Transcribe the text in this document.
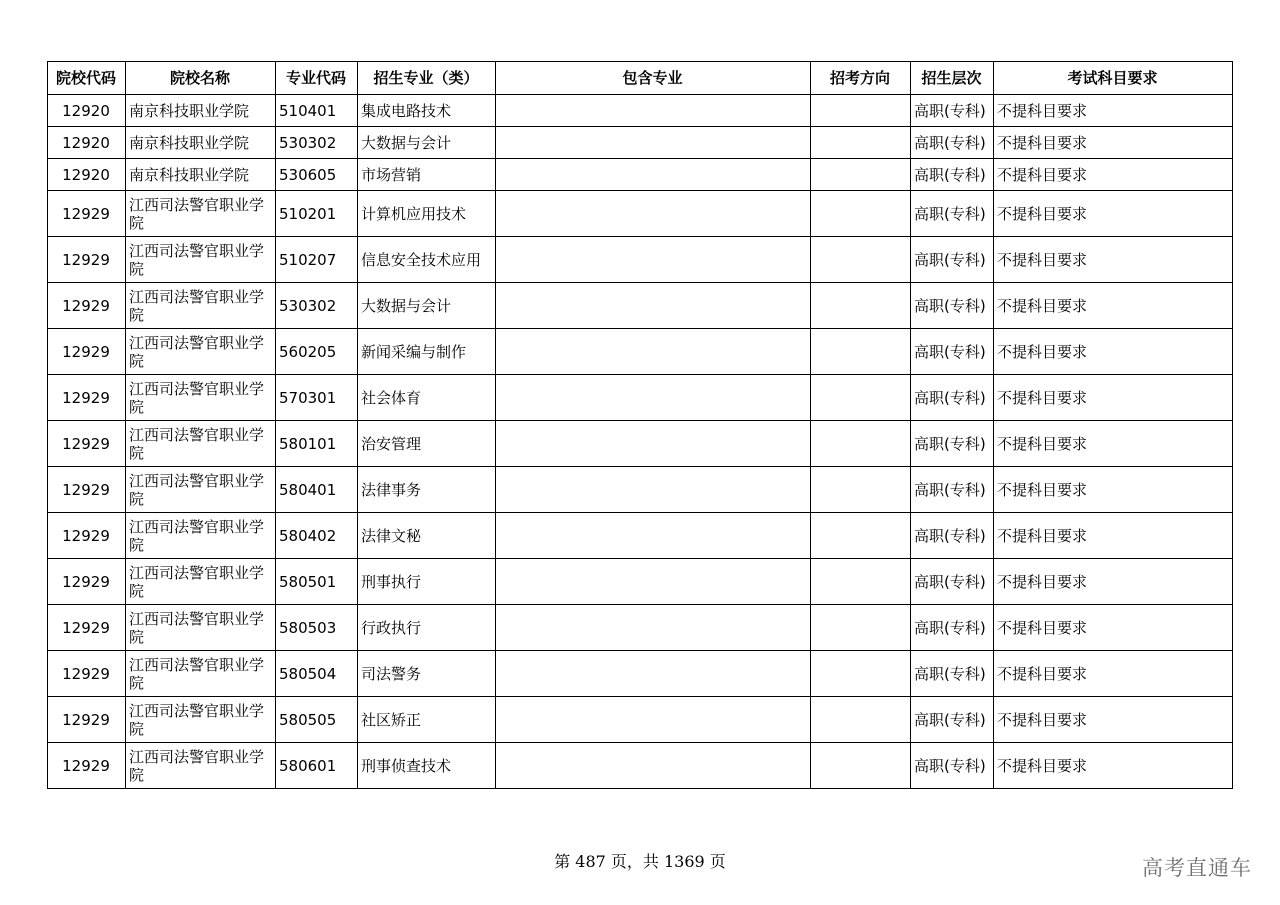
院校代码	院校名称	专业代码	招生专业（类）	包含专业	招考方向	招生层次	考试科目要求
12920	南京科技职业学院	510401	集成电路技术			高职(专科)	不提科目要求
12920	南京科技职业学院	530302	大数据与会计			高职(专科)	不提科目要求
12920	南京科技职业学院	530605	市场营销			高职(专科)	不提科目要求
12929	江西司法警官职业学院	510201	计算机应用技术			高职(专科)	不提科目要求
12929	江西司法警官职业学院	510207	信息安全技术应用			高职(专科)	不提科目要求
12929	江西司法警官职业学院	530302	大数据与会计			高职(专科)	不提科目要求
12929	江西司法警官职业学院	560205	新闻采编与制作			高职(专科)	不提科目要求
12929	江西司法警官职业学院	570301	社会体育			高职(专科)	不提科目要求
12929	江西司法警官职业学院	580101	治安管理			高职(专科)	不提科目要求
12929	江西司法警官职业学院	580401	法律事务			高职(专科)	不提科目要求
12929	江西司法警官职业学院	580402	法律文秘			高职(专科)	不提科目要求
12929	江西司法警官职业学院	580501	刑事执行			高职(专科)	不提科目要求
12929	江西司法警官职业学院	580503	行政执行			高职(专科)	不提科目要求
12929	江西司法警官职业学院	580504	司法警务			高职(专科)	不提科目要求
12929	江西司法警官职业学院	580505	社区矫正			高职(专科)	不提科目要求
12929	江西司法警官职业学院	580601	刑事侦查技术			高职(专科)	不提科目要求
第 487 页，共 1369 页	高考直通车
